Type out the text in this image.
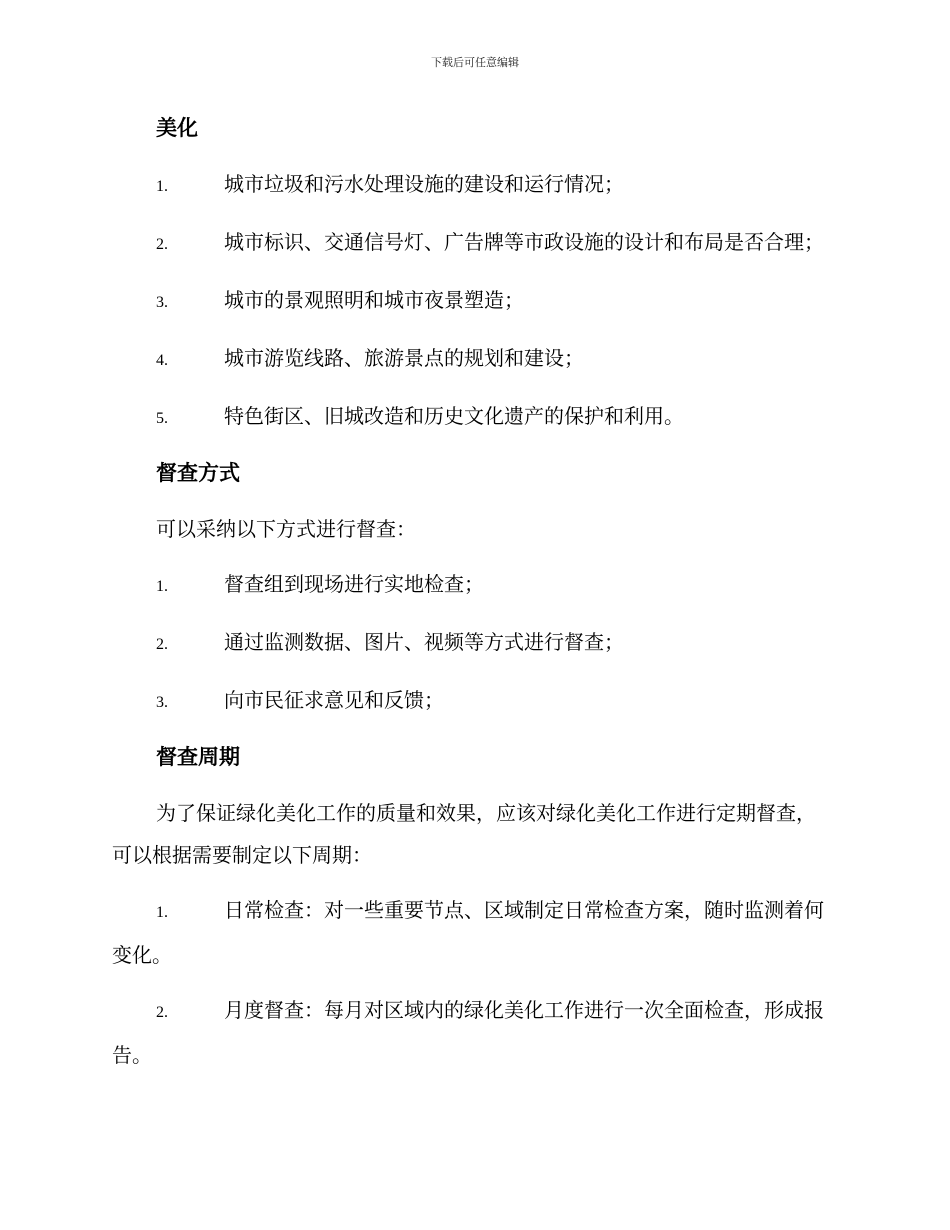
下载后可任意编辑
美化
1.	城市垃圾和污水处理设施的建设和运行情况；
2.	城市标识、交通信号灯、广告牌等市政设施的设计和布局是否合理；
3.	城市的景观照明和城市夜景塑造；
4.	城市游览线路、旅游景点的规划和建设；
5.	特色街区、旧城改造和历史文化遗产的保护和利用。
督查方式
可以采纳以下方式进行督查：
1.	督查组到现场进行实地检查；
2.	通过监测数据、图片、视频等方式进行督查；
3.	向市民征求意见和反馈；
督查周期
为了保证绿化美化工作的质量和效果，应该对绿化美化工作进行定期督查，可以根据需要制定以下周期：
1.	日常检查：对一些重要节点、区域制定日常检查方案，随时监测着何变化。
2.	月度督查：每月对区域内的绿化美化工作进行一次全面检查，形成报告。
